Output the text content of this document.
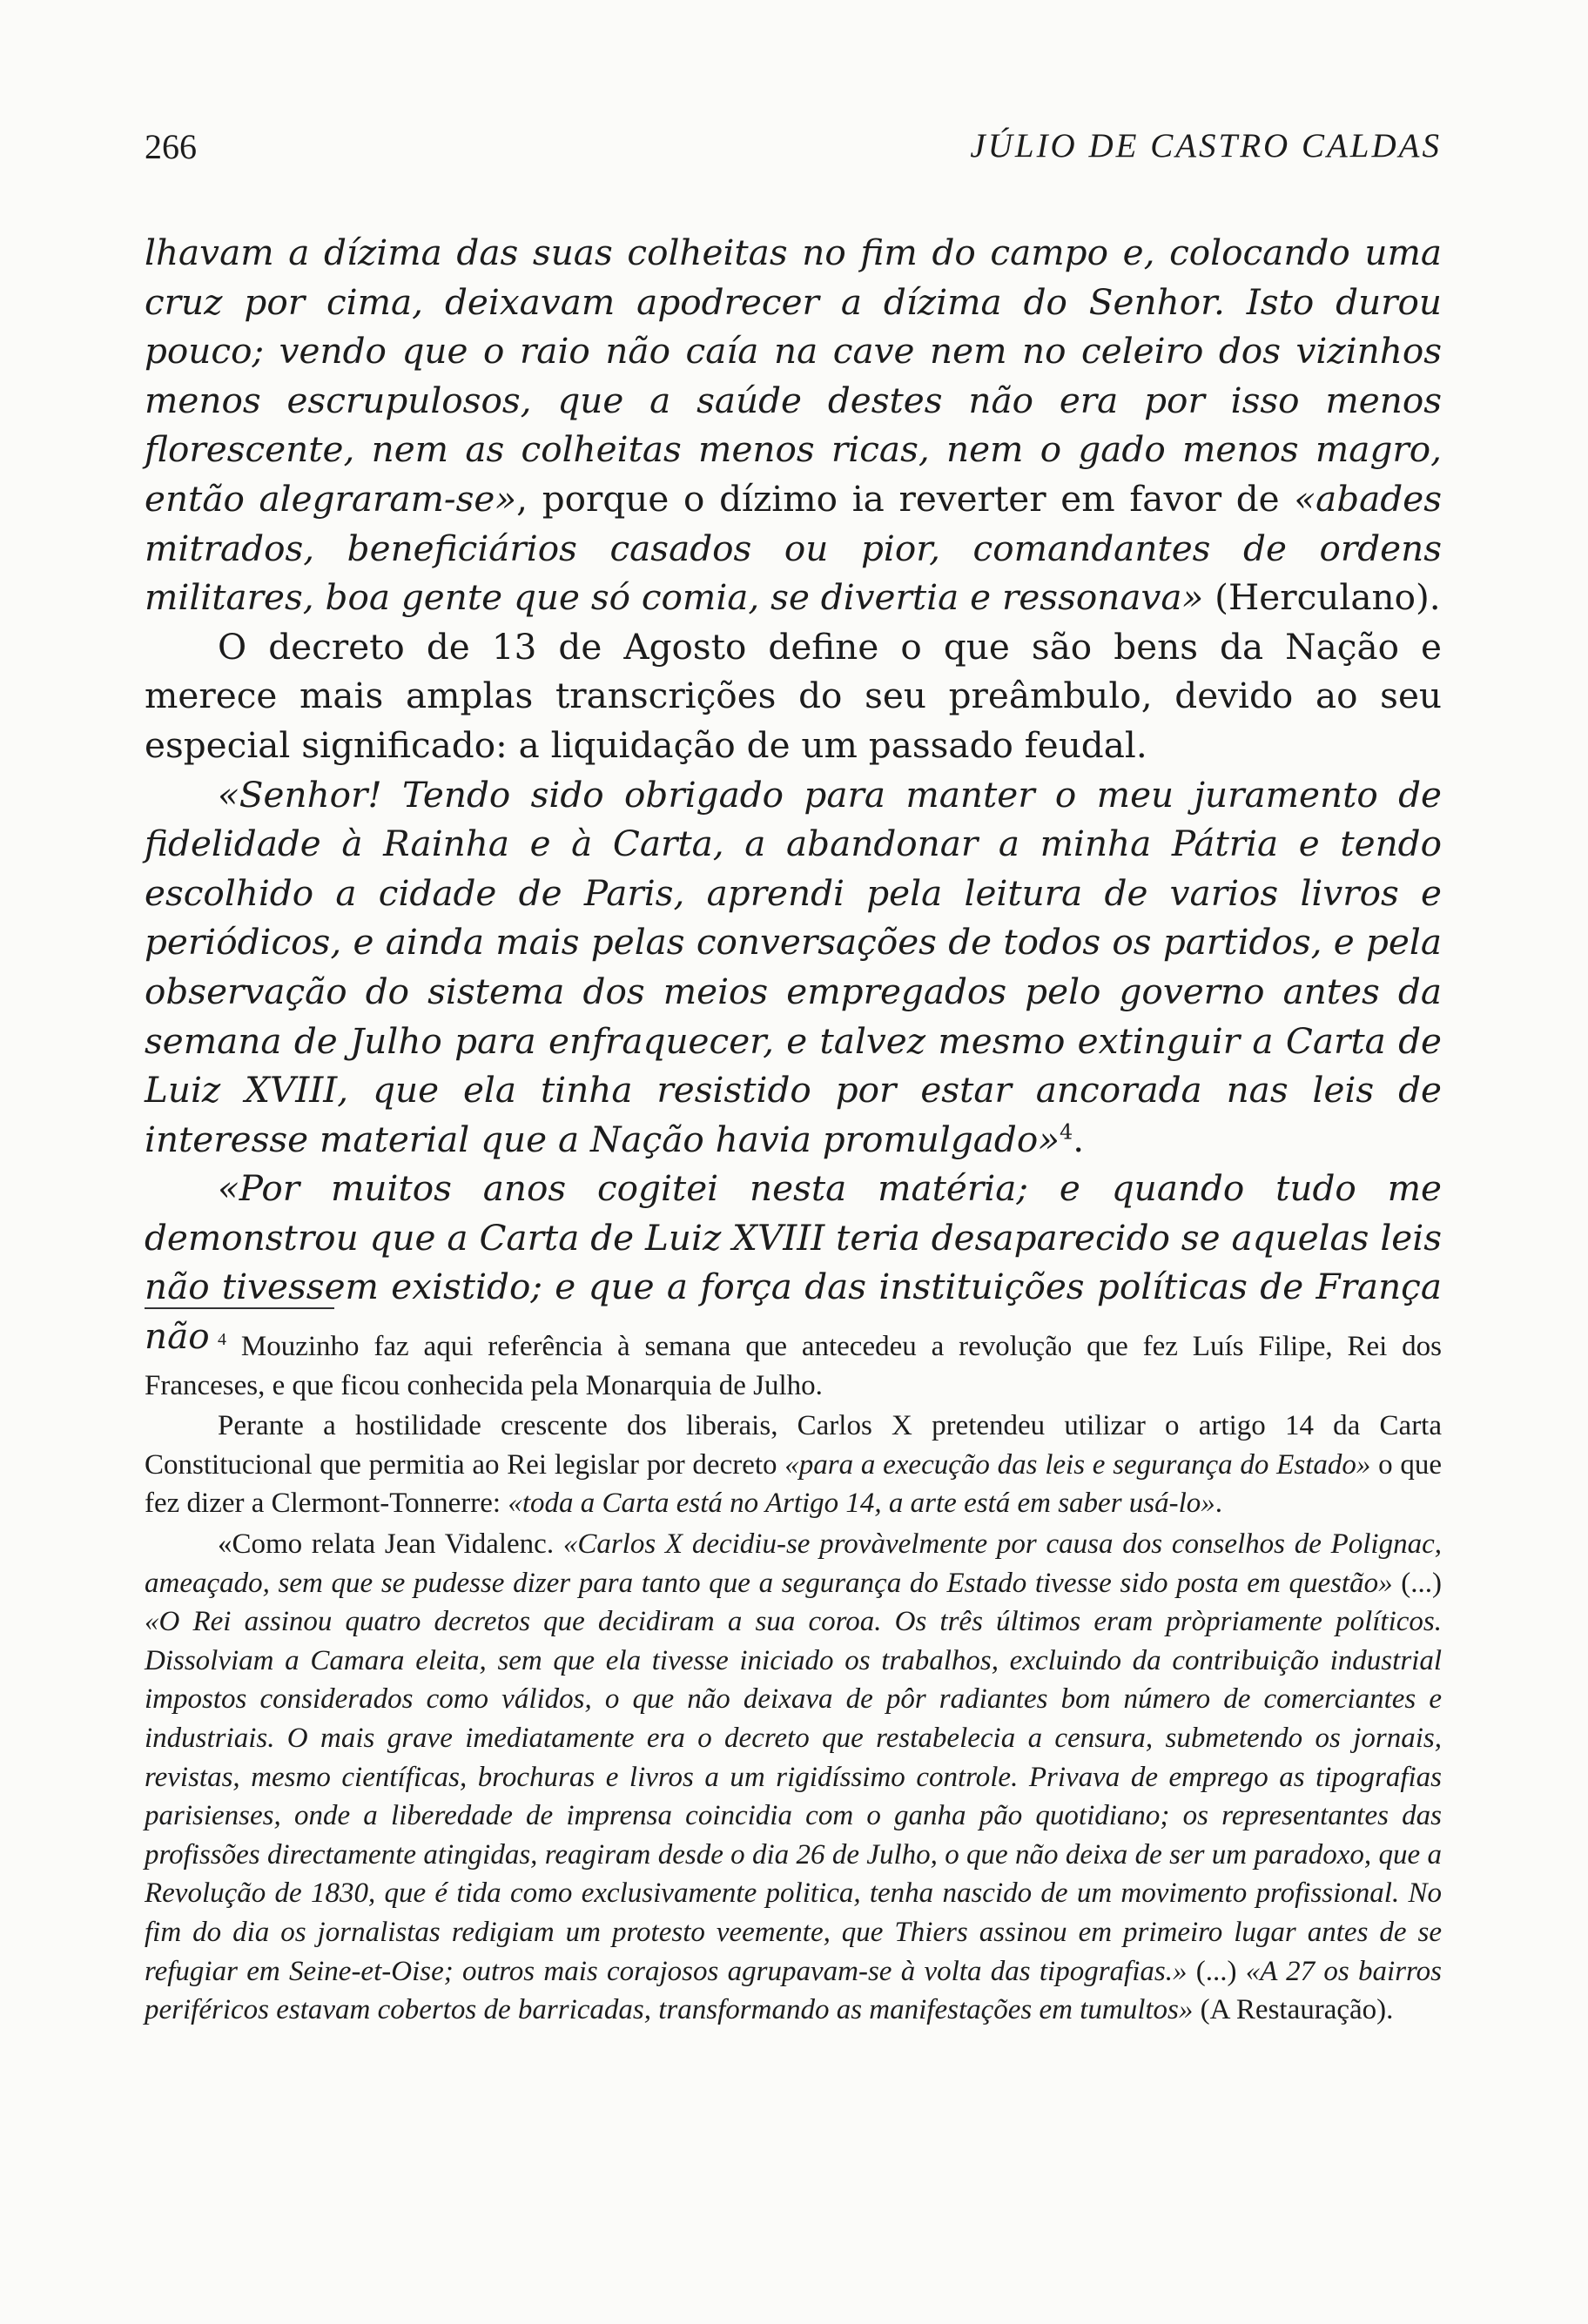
266	JÚLIO DE CASTRO CALDAS

lhavam a dízima das suas colheitas no fim do campo e, colocando uma cruz por cima, deixavam apodrecer a dízima do Senhor. Isto durou pouco; vendo que o raio não caía na cave nem no celeiro dos vizinhos menos escrupulosos, que a saúde destes não era por isso menos florescente, nem as colheitas menos ricas, nem o gado menos magro, então alegraram-se», porque o dízimo ia reverter em favor de «abades mitrados, beneficiários casados ou pior, comandantes de ordens militares, boa gente que só comia, se divertia e ressonava» (Herculano).

O decreto de 13 de Agosto define o que são bens da Nação e merece mais amplas transcrições do seu preâmbulo, devido ao seu especial significado: a liquidação de um passado feudal.

«Senhor! Tendo sido obrigado para manter o meu juramento de fidelidade à Rainha e à Carta, a abandonar a minha Pátria e tendo escolhido a cidade de Paris, aprendi pela leitura de varios livros e periódicos, e ainda mais pelas conversações de todos os partidos, e pela observação do sistema dos meios empregados pelo governo antes da semana de Julho para enfraquecer, e talvez mesmo extinguir a Carta de Luiz XVIII, que ela tinha resistido por estar ancorada nas leis de interesse material que a Nação havia promulgado»$^4$.

«Por muitos anos cogitei nesta matéria; e quando tudo me demonstrou que a Carta de Luiz XVIII teria desaparecido se aquelas leis não tivessem existido; e que a força das instituições políticas de França não $^4$ Mouzinho faz aqui referência à semana que antecedeu a revolução que fez Luís Filipe, Rei dos Franceses, e que ficou conhecida pela Monarquia de Julho.

Perante a hostilidade crescente dos liberais, Carlos X pretendeu utilizar o artigo 14 da Carta Constitucional que permitia ao Rei legislar por decreto «para a execução das leis e segurança do Estado» o que fez dizer a Clermont-Tonnerre: «toda a Carta está no Artigo 14, a arte está em saber usá-lo».

«Como relata Jean Vidalenc. «Carlos X decidiu-se provàvelmente por causa dos conselhos de Polignac, ameaçado, sem que se pudesse dizer para tanto que a segurança do Estado tivesse sido posta em questão» (...) «O Rei assinou quatro decretos que decidiram a sua coroa. Os três últimos eram pròpriamente políticos. Dissolviam a Camara eleita, sem que ela tivesse iniciado os trabalhos, excluindo da contribuição industrial impostos considerados como válidos, o que não deixava de pôr radiantes bom número de comerciantes e industriais. O mais grave imediatamente era o decreto que restabelecia a censura, submetendo os jornais, revistas, mesmo científicas, brochuras e livros a um rigidíssimo controle. Privava de emprego as tipografias parisienses, onde a liberedade de imprensa coincidia com o ganha pão quotidiano; os representantes das profissões directamente atingidas, reagiram desde o dia 26 de Julho, o que não deixa de ser um paradoxo, que a Revolução de 1830, que é tida como exclusivamente politica, tenha nascido de um movimento profissional. No fim do dia os jornalistas redigiam um protesto veemente, que Thiers assinou em primeiro lugar antes de se refugiar em Seine-et-Oise; outros mais corajosos agrupavam-se à volta das tipografias.» (...) «A 27 os bairros periféricos estavam cobertos de barricadas, transformando as manifestações em tumultos» (A Restauração).
